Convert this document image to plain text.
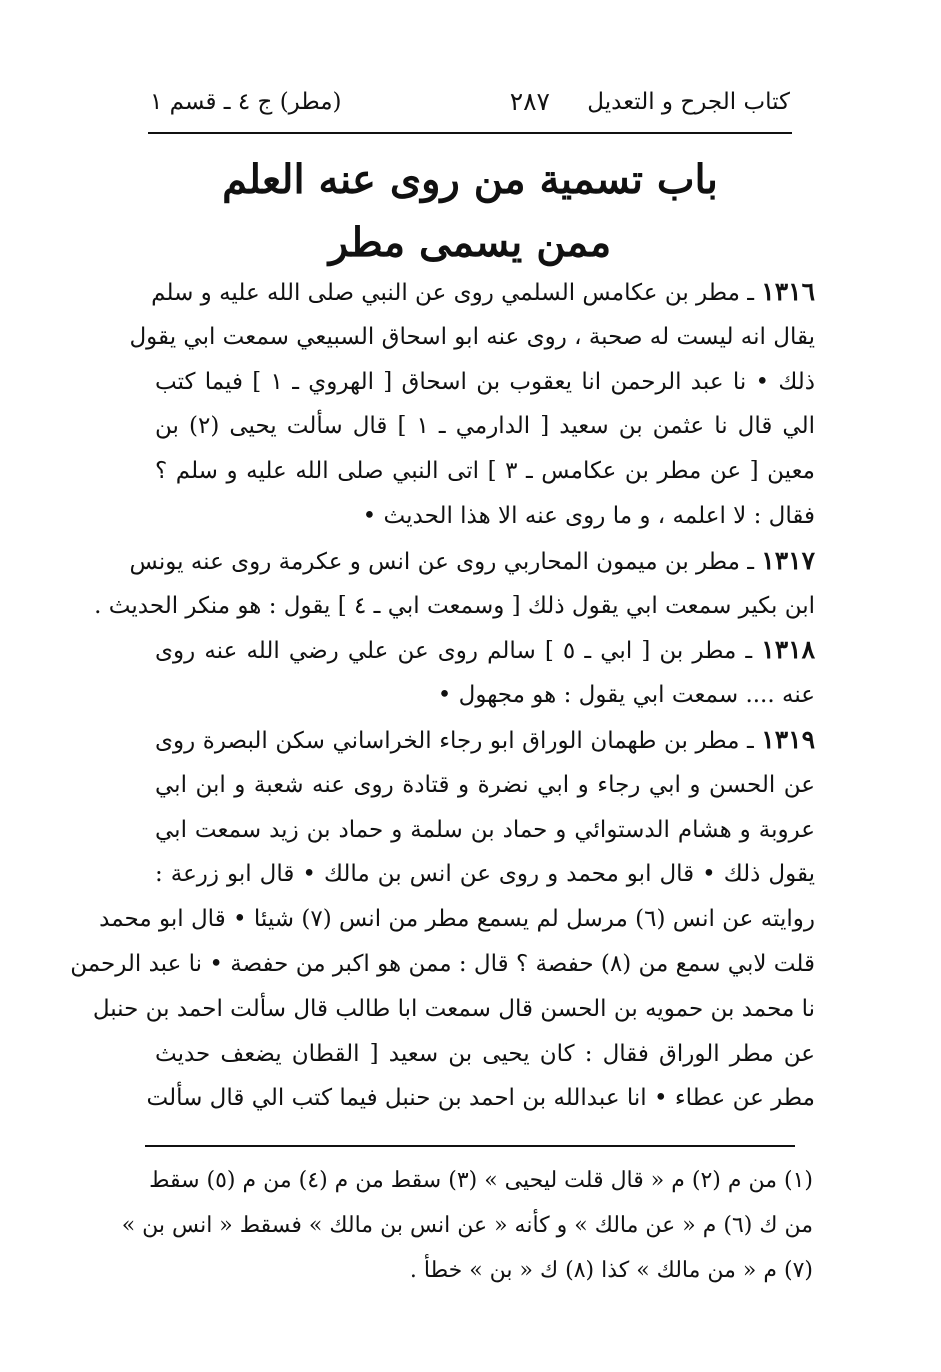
كتاب الجرح و التعديل
٢٨٧
(مطر) ج ٤ ـ قسم ١
باب تسمية من روى عنه العلم
ممن يسمى مطر
١٣١٦ ـ مطر بن عكامس السلمي روى عن النبي صلى الله عليه و سلم
يقال انه ليست له صحبة ، روى عنه ابو اسحاق السبيعي سمعت ابي يقول
ذلك • نا عبد الرحمن انا يعقوب بن اسحاق [ الهروي ـ ١ ] فيما كتب
الي قال نا عثمن بن سعيد [ الدارمي ـ ١ ] قال سألت يحيى (٢) بن
معين [ عن مطر بن عكامس ـ ٣ ] اتى النبي صلى الله عليه و سلم ؟
فقال : لا اعلمه ، و ما روى عنه الا هذا الحديث •
١٣١٧ ـ مطر بن ميمون المحاربي روى عن انس و عكرمة روى عنه يونس
ابن بكير سمعت ابي يقول ذلك [ وسمعت ابي ـ ٤ ] يقول : هو منكر الحديث .
١٣١٨ ـ مطر بن [ ابي ـ ٥ ] سالم روى عن علي رضي الله عنه روى
عنه .... سمعت ابي يقول : هو مجهول •
١٣١٩ ـ مطر بن طهمان الوراق ابو رجاء الخراساني سكن البصرة روى
عن الحسن و ابي رجاء و ابي نضرة و قتادة روى عنه شعبة و ابن ابي
عروبة و هشام الدستوائي و حماد بن سلمة و حماد بن زيد سمعت ابي
يقول ذلك • قال ابو محمد و روى عن انس بن مالك • قال ابو زرعة :
روايته عن انس (٦) مرسل لم يسمع مطر من انس (٧) شيئا • قال ابو محمد
قلت لابي سمع من (٨) حفصة ؟ قال : ممن هو اكبر من حفصة • نا عبد الرحمن
نا محمد بن حمويه بن الحسن قال سمعت ابا طالب قال سألت احمد بن حنبل
عن مطر الوراق فقال : كان يحيى بن سعيد [ القطان يضعف حديث
مطر عن عطاء • انا عبدالله بن احمد بن حنبل فيما كتب الي قال سألت
(١) من م (٢) م « قال قلت ليحيى » (٣) سقط من م (٤) من م (٥) سقط
من ك (٦) م « عن مالك » و كأنه « عن انس بن مالك » فسقط « انس بن »
(٧) م « من مالك » كذا (٨) ك « بن » خطأ .
